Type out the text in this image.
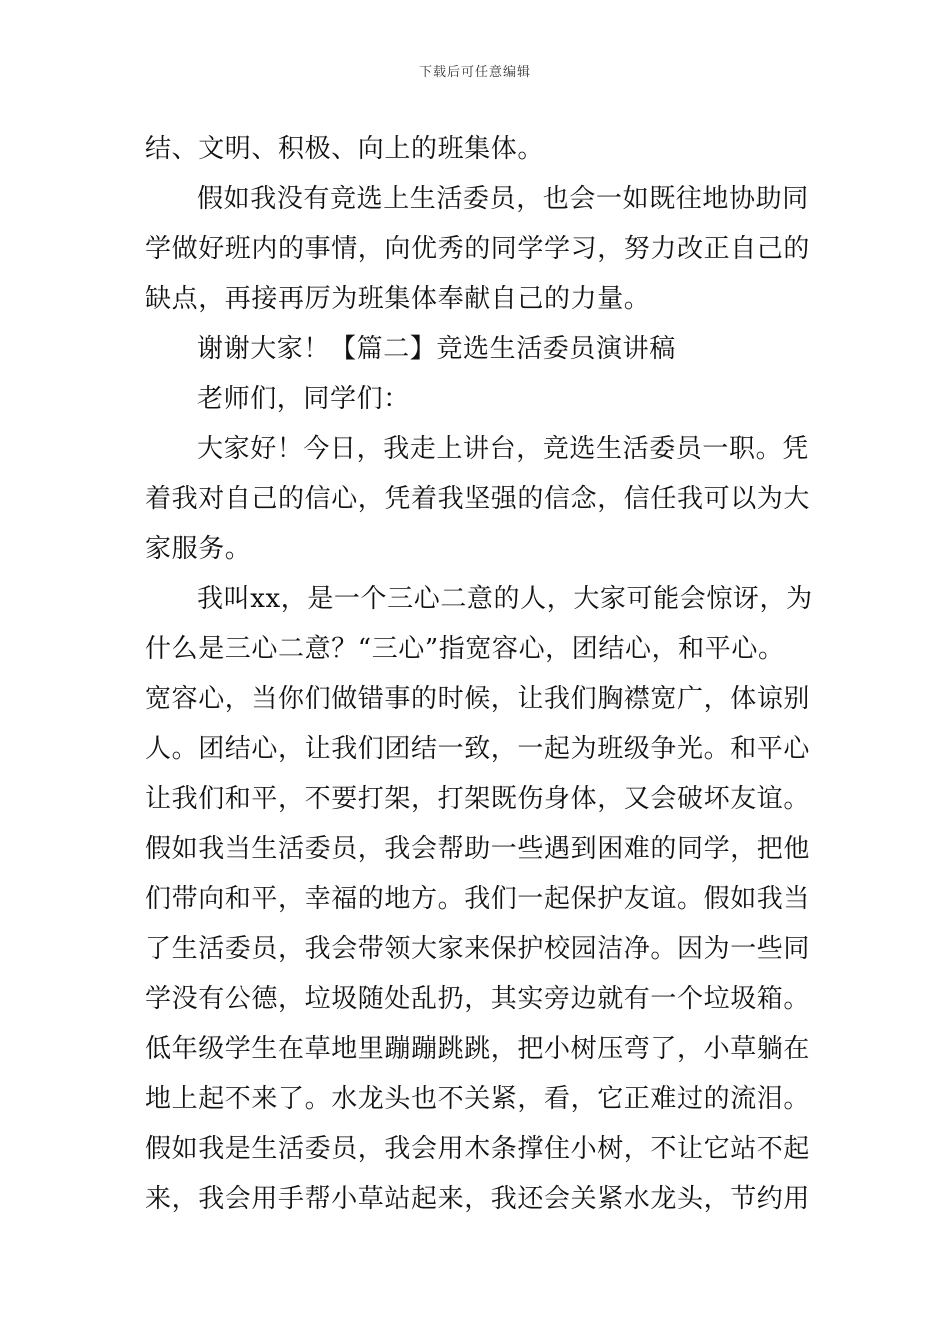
下载后可任意编辑
结、文明、积极、向上的班集体。
假如我没有竞选上生活委员，也会一如既往地协助同
学做好班内的事情，向优秀的同学学习，努力改正自己的
缺点，再接再厉为班集体奉献自己的力量。
谢谢大家！【篇二】竞选生活委员演讲稿
老师们，同学们：
大家好！今日，我走上讲台，竞选生活委员一职。凭
着我对自己的信心，凭着我坚强的信念，信任我可以为大
家服务。
我叫xx，是一个三心二意的人，大家可能会惊讶，为
什么是三心二意？“三心”指宽容心，团结心，和平心。
宽容心，当你们做错事的时候，让我们胸襟宽广，体谅别
人。团结心，让我们团结一致，一起为班级争光。和平心
让我们和平，不要打架，打架既伤身体，又会破坏友谊。
假如我当生活委员，我会帮助一些遇到困难的同学，把他
们带向和平，幸福的地方。我们一起保护友谊。假如我当
了生活委员，我会带领大家来保护校园洁净。因为一些同
学没有公德，垃圾随处乱扔，其实旁边就有一个垃圾箱。
低年级学生在草地里蹦蹦跳跳，把小树压弯了，小草躺在
地上起不来了。水龙头也不关紧，看，它正难过的流泪。
假如我是生活委员，我会用木条撑住小树，不让它站不起
来，我会用手帮小草站起来，我还会关紧水龙头，节约用
